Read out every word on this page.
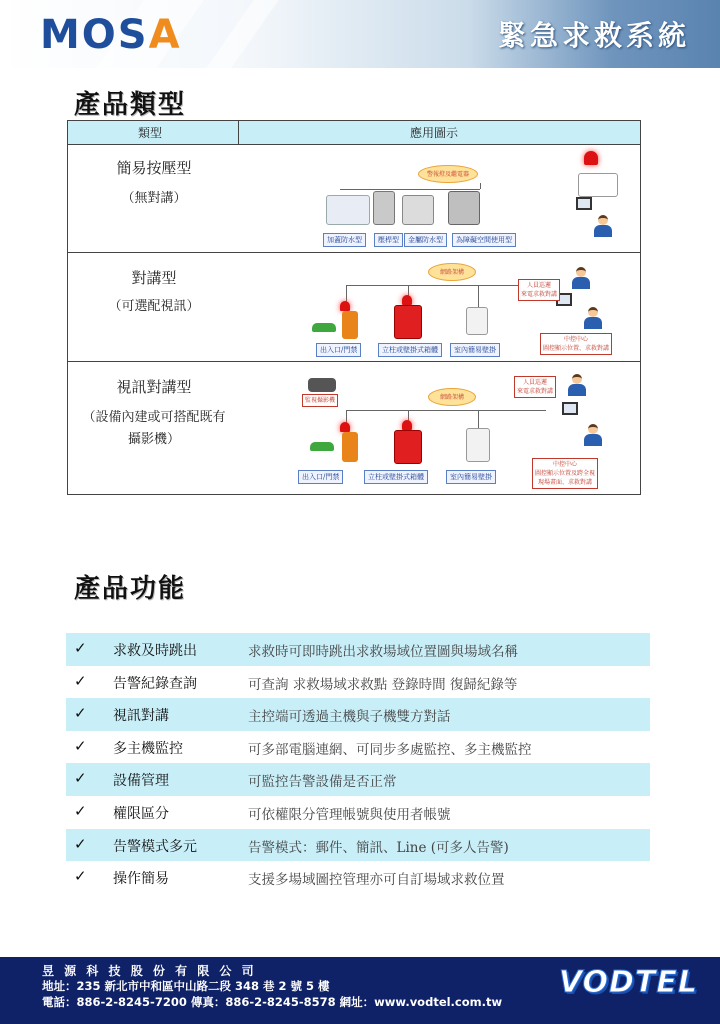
MOSA	緊急求救系統
產品類型
類型	應用圖示
簡易按壓型
（無對講）
警報燈及繼電器
加蓋防水型	壓桿型	金屬防水型	為障礙空間使用型
對講型
（可選配視訊）
網路架構
人員巡邏
來電求救對講
中控中心
圖控顯示位置、求救對講
出入口/門禁	立柱或壁掛式箱體	室內簡易壁掛
視訊對講型
（設備內建或可搭配既有
攝影機）
監視攝影機	網路架構
人員巡邏
來電求救對講
中控中心
圖控顯示位置及跨全視
現場畫面、求救對講
出入口/門禁	立柱或壁掛式箱體	室內簡易壁掛
產品功能
✓ 求救及時跳出	求救時可即時跳出求救場域位置圖與場域名稱
✓ 告警紀錄查詢	可查詢 求救場域求救點 登錄時間 復歸紀錄等
✓ 視訊對講	主控端可透過主機與子機雙方對話
✓ 多主機監控	可多部電腦連網、可同步多處監控、多主機監控
✓ 設備管理	可監控告警設備是否正常
✓ 權限區分	可依權限分管理帳號與使用者帳號
✓ 告警模式多元	告警模式：郵件、簡訊、Line (可多人告警)
✓ 操作簡易	支援多場域圖控管理亦可自訂場域求救位置
昱 源 科 技 股 份 有 限 公 司
地址：235 新北市中和區中山路二段 348 巷 2 號 5 樓
電話：886-2-8245-7200 傳真：886-2-8245-8578 網址：www.vodtel.com.tw
VODTEL
